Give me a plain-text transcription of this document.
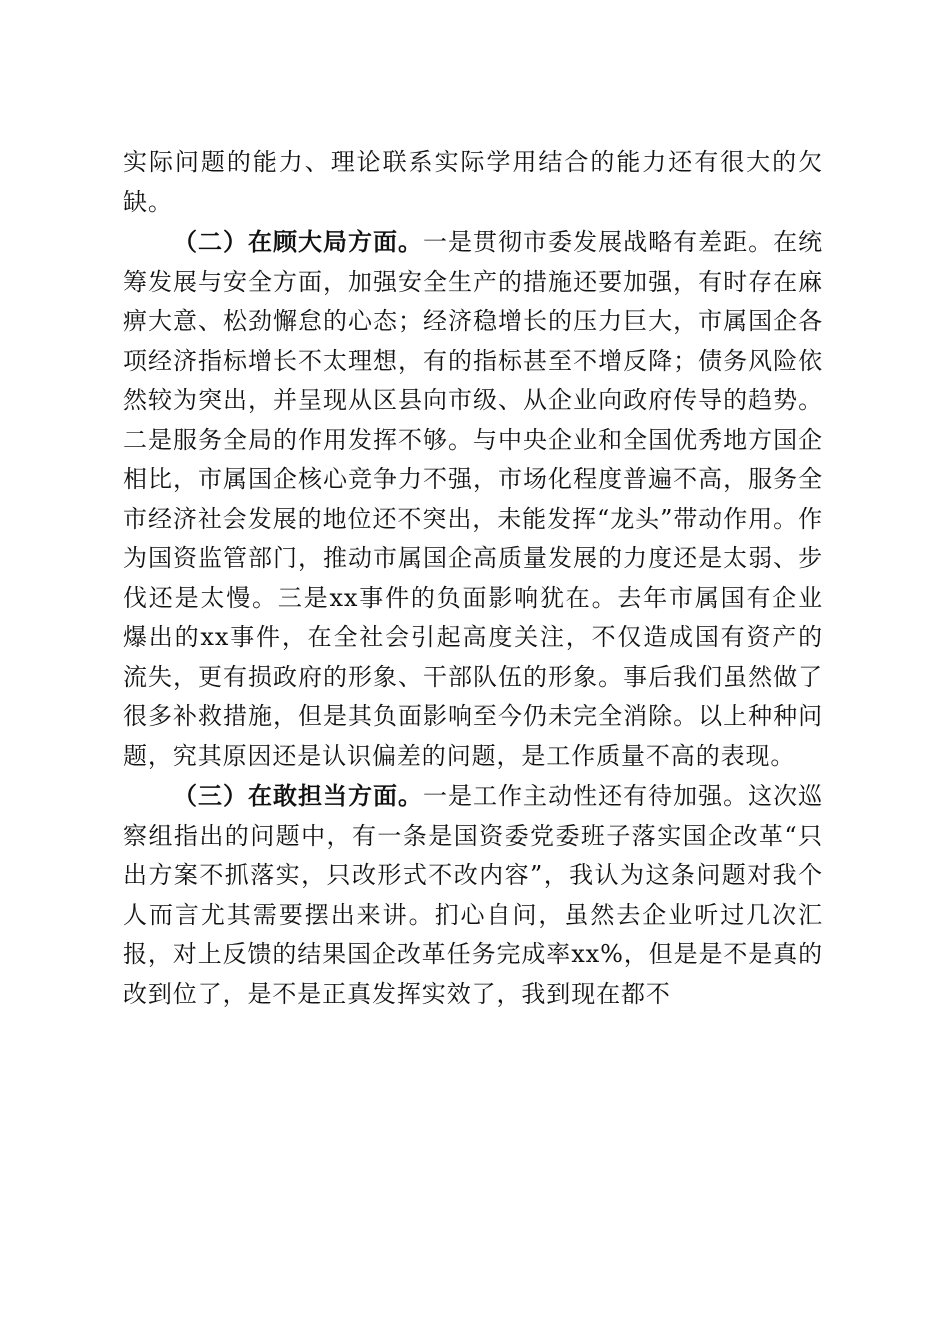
实际问题的能力、理论联系实际学用结合的能力还有很大的欠缺。

（二）在顾大局方面。一是贯彻市委发展战略有差距。在统筹发展与安全方面，加强安全生产的措施还要加强，有时存在麻痹大意、松劲懈怠的心态；经济稳增长的压力巨大，市属国企各项经济指标增长不太理想，有的指标甚至不增反降；债务风险依然较为突出，并呈现从区县向市级、从企业向政府传导的趋势。二是服务全局的作用发挥不够。与中央企业和全国优秀地方国企相比，市属国企核心竞争力不强，市场化程度普遍不高，服务全市经济社会发展的地位还不突出，未能发挥“龙头”带动作用。作为国资监管部门，推动市属国企高质量发展的力度还是太弱、步伐还是太慢。三是xx事件的负面影响犹在。去年市属国有企业爆出的xx事件，在全社会引起高度关注，不仅造成国有资产的流失，更有损政府的形象、干部队伍的形象。事后我们虽然做了很多补救措施，但是其负面影响至今仍未完全消除。以上种种问题，究其原因还是认识偏差的问题，是工作质量不高的表现。

（三）在敢担当方面。一是工作主动性还有待加强。这次巡察组指出的问题中，有一条是国资委党委班子落实国企改革“只出方案不抓落实，只改形式不改内容”，我认为这条问题对我个人而言尤其需要摆出来讲。扪心自问，虽然去企业听过几次汇报，对上反馈的结果国企改革任务完成率xx%，但是是不是真的改到位了，是不是正真发挥实效了，我到现在都不
